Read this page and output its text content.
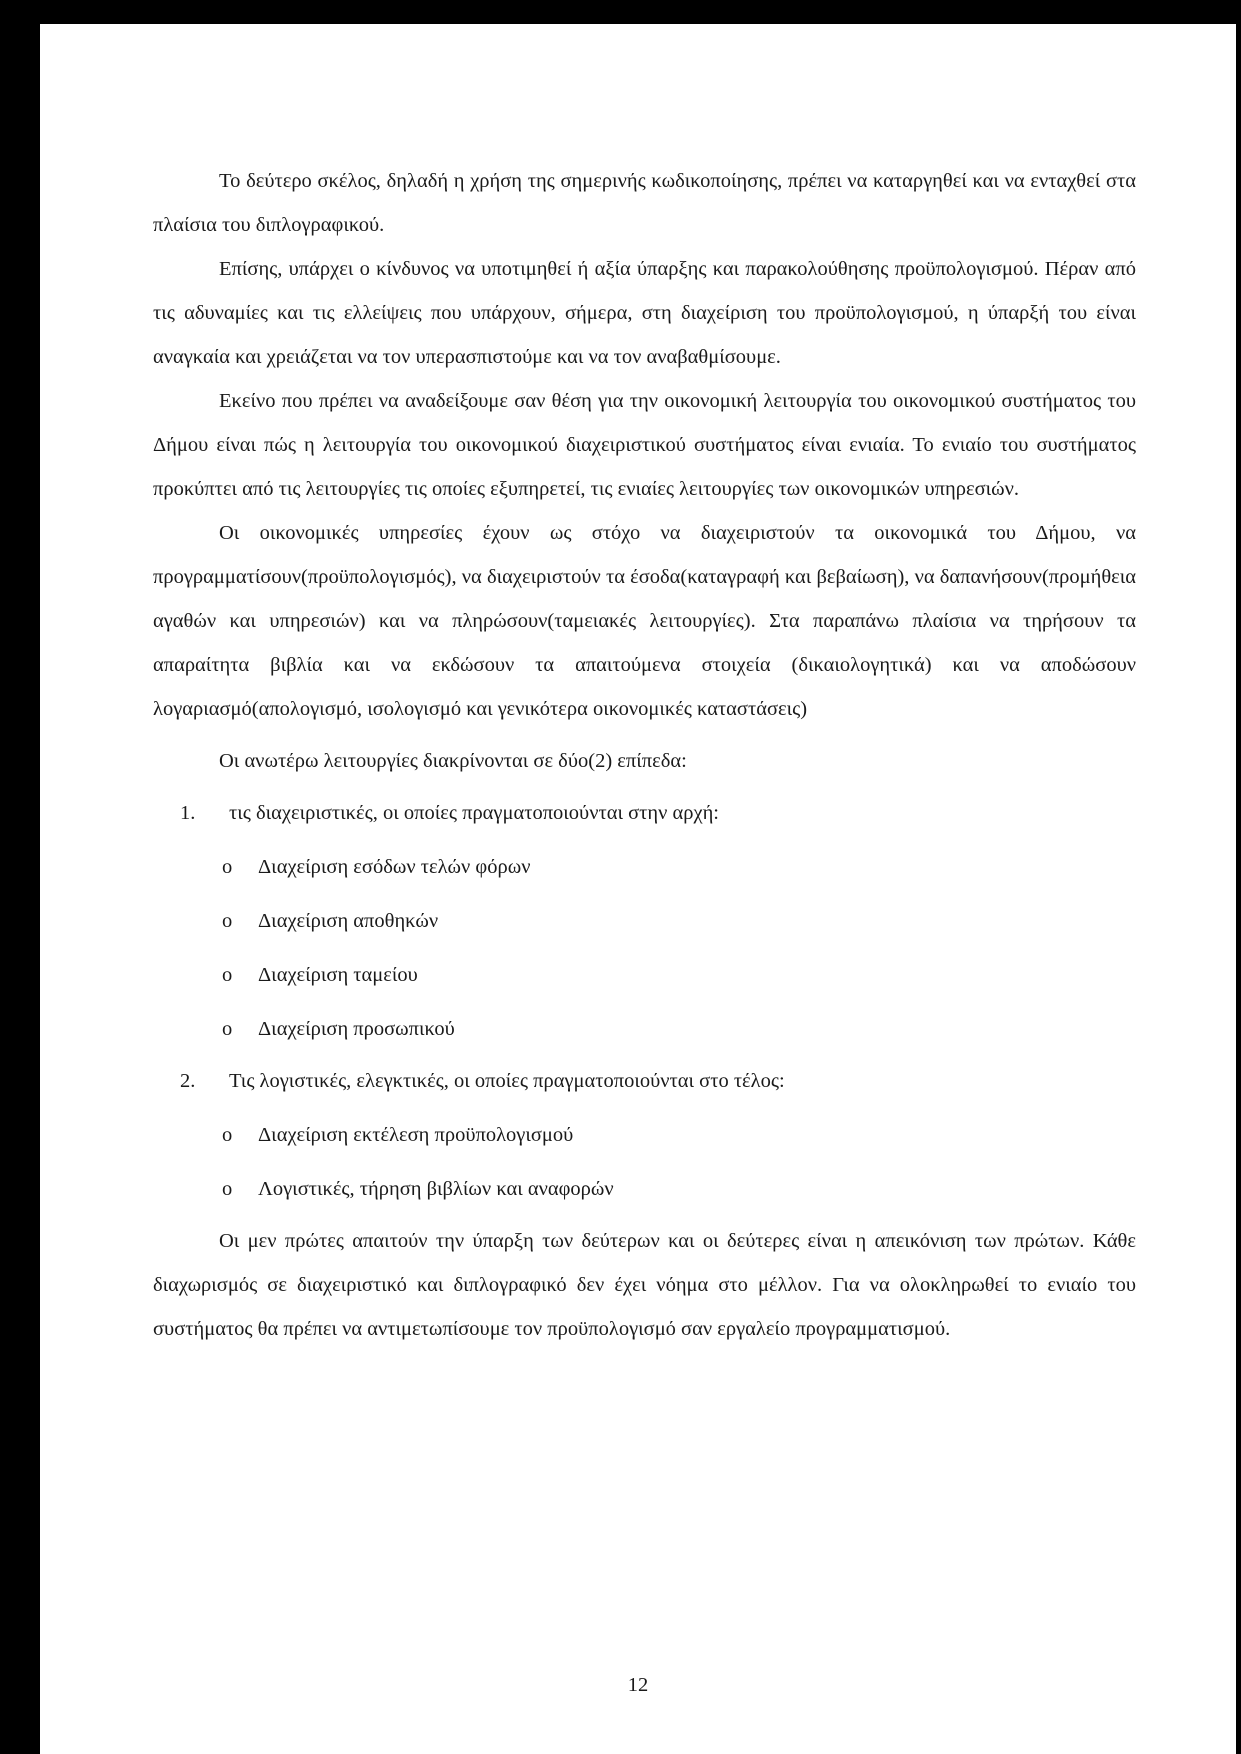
Το δεύτερο σκέλος, δηλαδή η χρήση της σημερινής κωδικοποίησης, πρέπει να καταργηθεί και να ενταχθεί στα πλαίσια του διπλογραφικού.

Επίσης, υπάρχει ο κίνδυνος να υποτιμηθεί ή αξία ύπαρξης και παρακολούθησης προϋπολογισμού. Πέραν από τις αδυναμίες και τις ελλείψεις που υπάρχουν, σήμερα, στη διαχείριση του προϋπολογισμού, η ύπαρξή του είναι αναγκαία και χρειάζεται να τον υπερασπιστούμε και να τον αναβαθμίσουμε.

Εκείνο που πρέπει να αναδείξουμε σαν θέση για την οικονομική λειτουργία του οικονομικού συστήματος του Δήμου είναι πώς η λειτουργία του οικονομικού διαχειριστικού συστήματος είναι ενιαία. Το ενιαίο του συστήματος προκύπτει από τις λειτουργίες τις οποίες εξυπηρετεί, τις ενιαίες λειτουργίες των οικονομικών υπηρεσιών.

Οι οικονομικές υπηρεσίες έχουν ως στόχο να διαχειριστούν τα οικονομικά του Δήμου, να προγραμματίσουν(προϋπολογισμός), να διαχειριστούν τα έσοδα(καταγραφή και βεβαίωση), να δαπανήσουν(προμήθεια αγαθών και υπηρεσιών) και να πληρώσουν(ταμειακές λειτουργίες). Στα παραπάνω πλαίσια να τηρήσουν τα απαραίτητα βιβλία και να εκδώσουν τα απαιτούμενα στοιχεία (δικαιολογητικά) και να αποδώσουν λογαριασμό(απολογισμό, ισολογισμό και γενικότερα οικονομικές καταστάσεις)

Οι ανωτέρω λειτουργίες διακρίνονται σε δύο(2) επίπεδα:

1. τις διαχειριστικές, οι οποίες πραγματοποιούνται στην αρχή:
o Διαχείριση εσόδων τελών φόρων
o Διαχείριση αποθηκών
o Διαχείριση ταμείου
o Διαχείριση προσωπικού
2. Τις λογιστικές, ελεγκτικές, οι οποίες πραγματοποιούνται στο τέλος:
o Διαχείριση εκτέλεση προϋπολογισμού
o Λογιστικές, τήρηση βιβλίων και αναφορών

Οι μεν πρώτες απαιτούν την ύπαρξη των δεύτερων και οι δεύτερες είναι η απεικόνιση των πρώτων. Κάθε διαχωρισμός σε διαχειριστικό και διπλογραφικό δεν έχει νόημα στο μέλλον. Για να ολοκληρωθεί το ενιαίο του συστήματος θα πρέπει να αντιμετωπίσουμε τον προϋπολογισμό σαν εργαλείο προγραμματισμού.

12
